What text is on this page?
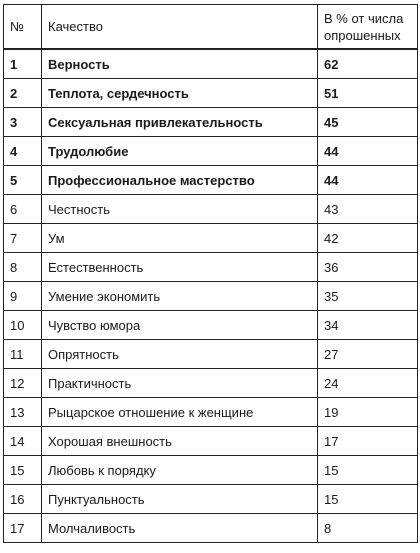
№	Качество	В % от числа опрошенных
1	Верность	62
2	Теплота, сердечность	51
3	Сексуальная привлекательность	45
4	Трудолюбие	44
5	Профессиональное мастерство	44
6	Честность	43
7	Ум	42
8	Естественность	36
9	Умение экономить	35
10	Чувство юмора	34
11	Опрятность	27
12	Практичность	24
13	Рыцарское отношение к женщине	19
14	Хорошая внешность	17
15	Любовь к порядку	15
16	Пунктуальность	15
17	Молчаливость	8
